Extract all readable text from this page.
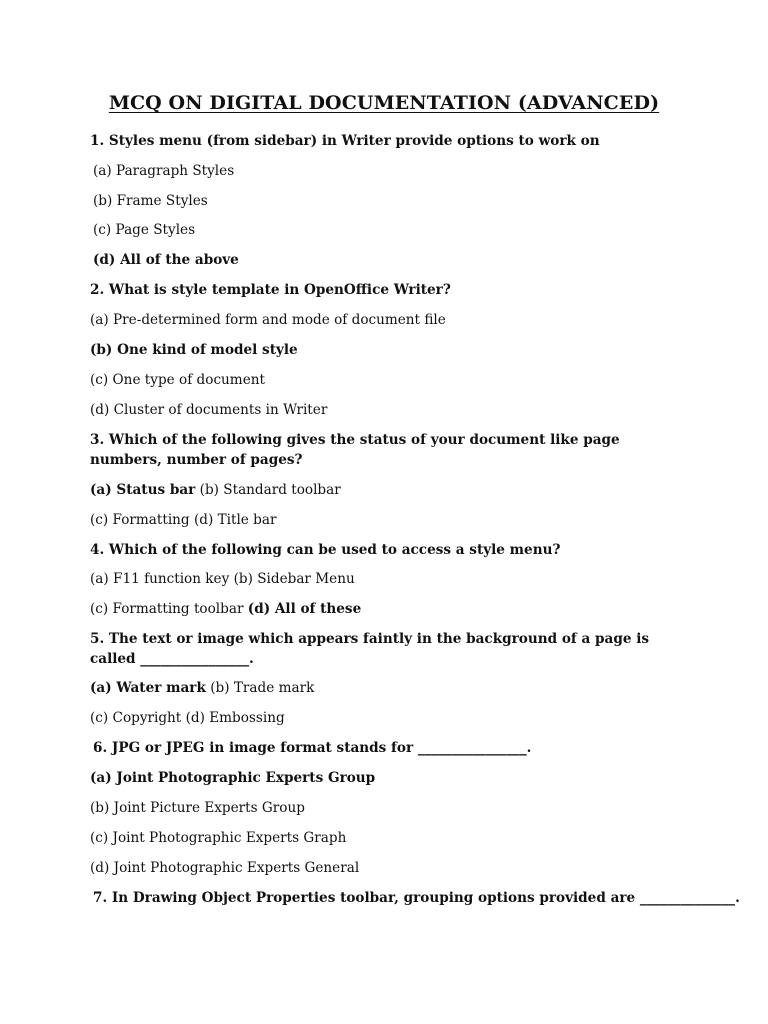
MCQ ON DIGITAL DOCUMENTATION (ADVANCED)
1. Styles menu (from sidebar) in Writer provide options to work on
(a) Paragraph Styles
(b) Frame Styles
(c) Page Styles
(d) All of the above
2. What is style template in OpenOffice Writer?
(a) Pre-determined form and mode of document file
(b) One kind of model style
(c) One type of document
(d) Cluster of documents in Writer
3. Which of the following gives the status of your document like page numbers, number of pages?
(a) Status bar (b) Standard toolbar
(c) Formatting (d) Title bar
4. Which of the following can be used to access a style menu?
(a) F11 function key (b) Sidebar Menu
(c) Formatting toolbar (d) All of these
5. The text or image which appears faintly in the background of a page is called ________________.
(a) Water mark (b) Trade mark
(c) Copyright (d) Embossing
6. JPG or JPEG in image format stands for ________________.
(a) Joint Photographic Experts Group
(b) Joint Picture Experts Group
(c) Joint Photographic Experts Graph
(d) Joint Photographic Experts General
7. In Drawing Object Properties toolbar, grouping options provided are ______________.
